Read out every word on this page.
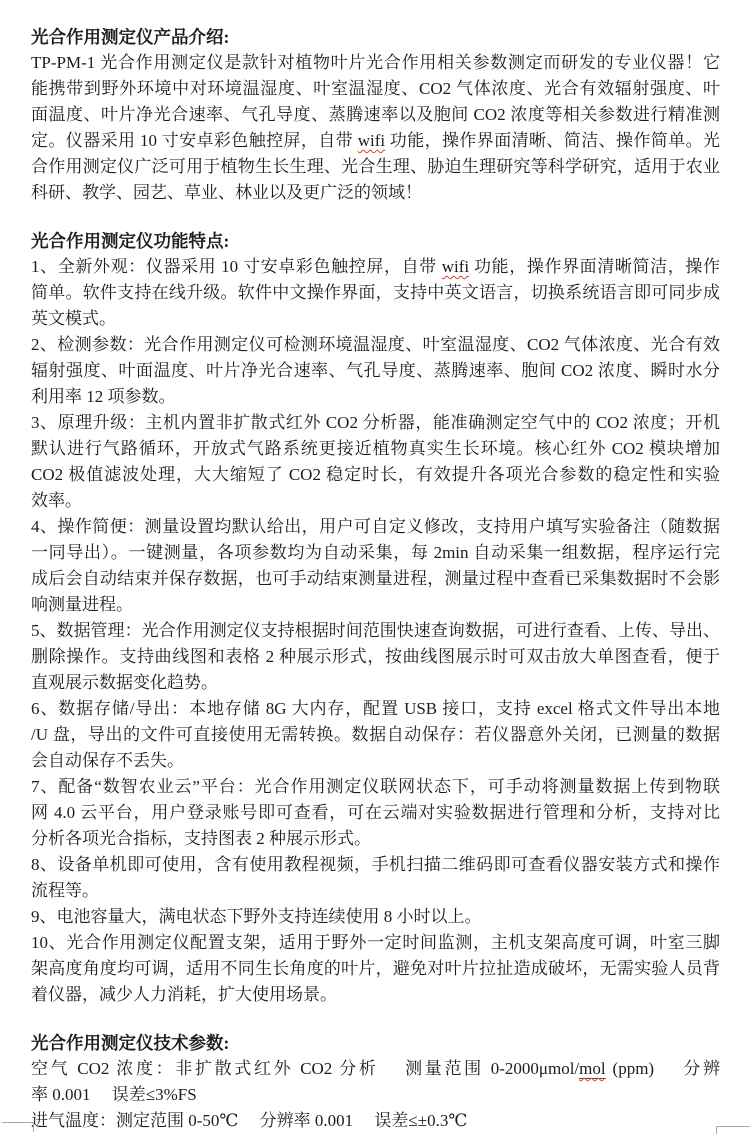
光合作用测定仪产品介绍:
TP-PM-1 光合作用测定仪是款针对植物叶片光合作用相关参数测定而研发的专业仪器！它
能携带到野外环境中对环境温湿度、叶室温湿度、CO2 气体浓度、光合有效辐射强度、叶
面温度、叶片净光合速率、气孔导度、蒸腾速率以及胞间 CO2 浓度等相关参数进行精准测
定。仪器采用 10 寸安卓彩色触控屏，自带 wifi 功能，操作界面清晰、简洁、操作简单。光
合作用测定仪广泛可用于植物生长生理、光合生理、胁迫生理研究等科学研究，适用于农业
科研、教学、园艺、草业、林业以及更广泛的领域！
光合作用测定仪功能特点:
1、全新外观：仪器采用 10 寸安卓彩色触控屏，自带 wifi 功能，操作界面清晰简洁，操作
简单。软件支持在线升级。软件中文操作界面，支持中英文语言，切换系统语言即可同步成
英文模式。
2、检测参数：光合作用测定仪可检测环境温湿度、叶室温湿度、CO2 气体浓度、光合有效
辐射强度、叶面温度、叶片净光合速率、气孔导度、蒸腾速率、胞间 CO2 浓度、瞬时水分
利用率 12 项参数。
3、原理升级：主机内置非扩散式红外 CO2 分析器，能准确测定空气中的 CO2 浓度；开机
默认进行气路循环，开放式气路系统更接近植物真实生长环境。核心红外 CO2 模块增加
CO2 极值滤波处理，大大缩短了 CO2 稳定时长，有效提升各项光合参数的稳定性和实验
效率。
4、操作简便：测量设置均默认给出，用户可自定义修改，支持用户填写实验备注（随数据
一同导出）。一键测量，各项参数均为自动采集，每 2min 自动采集一组数据，程序运行完
成后会自动结束并保存数据，也可手动结束测量进程，测量过程中查看已采集数据时不会影
响测量进程。
5、数据管理：光合作用测定仪支持根据时间范围快速查询数据，可进行查看、上传、导出、
删除操作。支持曲线图和表格 2 种展示形式，按曲线图展示时可双击放大单图查看，便于
直观展示数据变化趋势。
6、数据存储/导出：本地存储 8G 大内存，配置 USB 接口，支持 excel 格式文件导出本地
/U 盘，导出的文件可直接使用无需转换。数据自动保存：若仪器意外关闭，已测量的数据
会自动保存不丢失。
7、配备“数智农业云”平台：光合作用测定仪联网状态下，可手动将测量数据上传到物联
网 4.0 云平台，用户登录账号即可查看，可在云端对实验数据进行管理和分析，支持对比
分析各项光合指标，支持图表 2 种展示形式。
8、设备单机即可使用，含有使用教程视频，手机扫描二维码即可查看仪器安装方式和操作
流程等。
9、电池容量大，满电状态下野外支持连续使用 8 小时以上。
10、光合作用测定仪配置支架，适用于野外一定时间监测，主机支架高度可调，叶室三脚
架高度角度均可调，适用不同生长角度的叶片，避免对叶片拉扯造成破坏，无需实验人员背
着仪器，减少人力消耗，扩大使用场景。
光合作用测定仪技术参数:
空气 CO2 浓度：非扩散式红外 CO2 分析　 测量范围 0-2000μmol/mol (ppm)　 分辨
率 0.001　 误差≤3%FS
进气温度：测定范围 0-50℃　 分辨率 0.001　 误差≤±0.3℃
